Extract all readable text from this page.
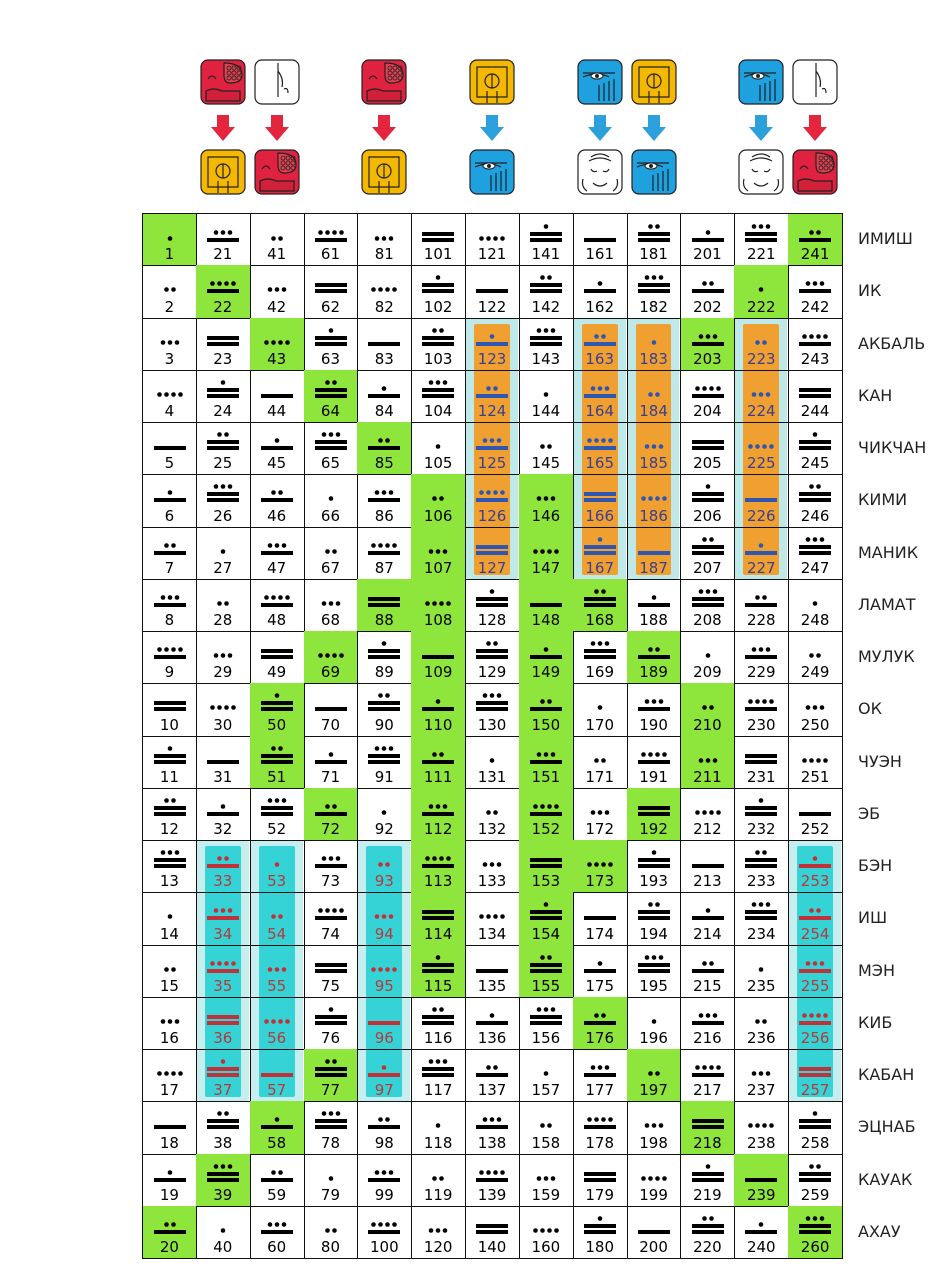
1
2
3
4
5
6
7
8
9
10
11
12
13
14
15
16
17
18
19
20
21
22
23
24
25
26
27
28
29
30
31
32
33
34
35
36
37
38
39
40
41
42
43
44
45
46
47
48
49
50
51
52
53
54
55
56
57
58
59
60
61
62
63
64
65
66
67
68
69
70
71
72
73
74
75
76
77
78
79
80
81
82
83
84
85
86
87
88
89
90
91
92
93
94
95
96
97
98
99
100
101
102
103
104
105
106
107
108
109
110
111
112
113
114
115
116
117
118
119
120
121
122
123
124
125
126
127
128
129
130
131
132
133
134
135
136
137
138
139
140
141
142
143
144
145
146
147
148
149
150
151
152
153
154
155
156
157
158
159
160
161
162
163
164
165
166
167
168
169
170
171
172
173
174
175
176
177
178
179
180
181
182
183
184
185
186
187
188
189
190
191
192
193
194
195
196
197
198
199
200
201
202
203
204
205
206
207
208
209
210
211
212
213
214
215
216
217
218
219
220
221
222
223
224
225
226
227
228
229
230
231
232
233
234
235
236
237
238
239
240
241
242
243
244
245
246
247
248
249
250
251
252
253
254
255
256
257
258
259
260
ИМИШ
ИК
АКБАЛЬ
КАН
ЧИКЧАН
КИМИ
МАНИК
ЛАМАТ
МУЛУК
ОК
ЧУЭН
ЭБ
БЭН
ИШ
МЭН
КИБ
КАБАН
ЭЦНАБ
КАУАК
АХАУ
